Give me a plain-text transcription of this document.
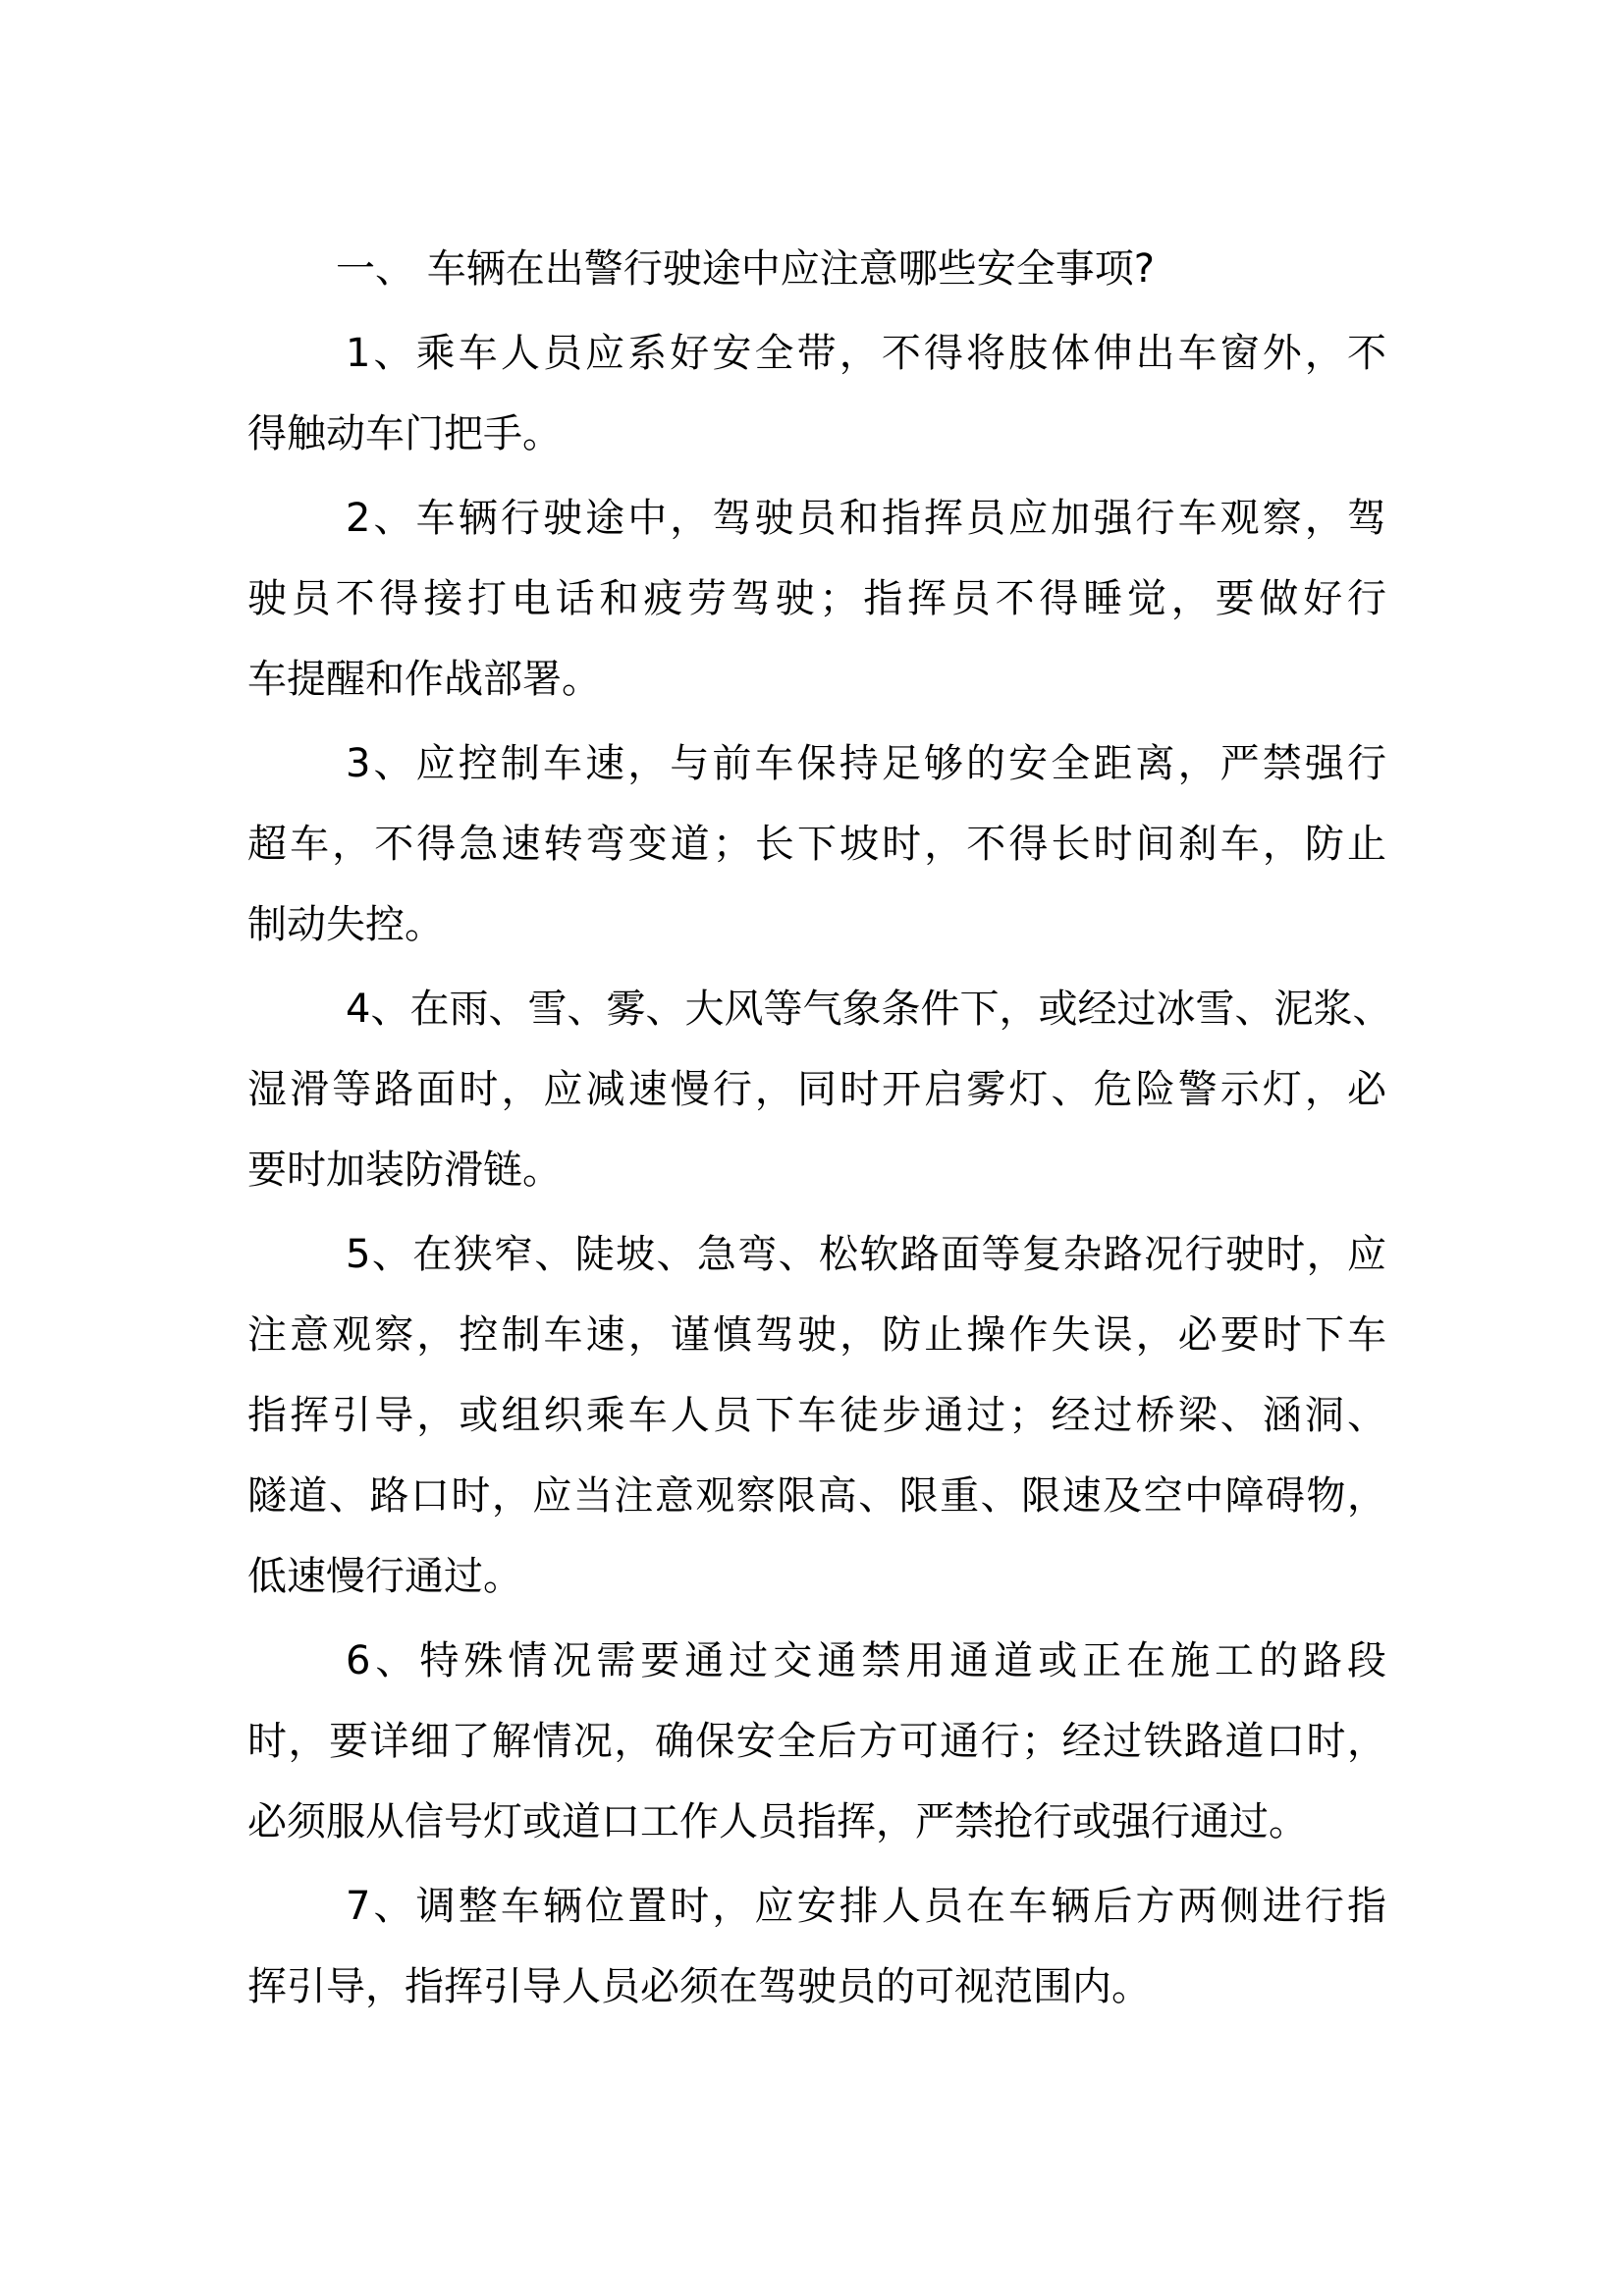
一、 车辆在出警行驶途中应注意哪些安全事项?
1、乘车人员应系好安全带，不得将肢体伸出车窗外，不
得触动车门把手。
2、车辆行驶途中，驾驶员和指挥员应加强行车观察，驾
驶员不得接打电话和疲劳驾驶；指挥员不得睡觉，要做好行
车提醒和作战部署。
3、应控制车速，与前车保持足够的安全距离，严禁强行
超车，不得急速转弯变道；长下坡时，不得长时间刹车，防止
制动失控。
4、在雨、雪、雾、大风等气象条件下，或经过冰雪、泥浆、
湿滑等路面时，应减速慢行，同时开启雾灯、危险警示灯，必
要时加装防滑链。
5、在狭窄、陡坡、急弯、松软路面等复杂路况行驶时，应
注意观察，控制车速，谨慎驾驶，防止操作失误，必要时下车
指挥引导，或组织乘车人员下车徒步通过；经过桥梁、涵洞、
隧道、路口时，应当注意观察限高、限重、限速及空中障碍物，
低速慢行通过。
6、特殊情况需要通过交通禁用通道或正在施工的路段
时，要详细了解情况，确保安全后方可通行；经过铁路道口时，
必须服从信号灯或道口工作人员指挥，严禁抢行或强行通过。
7、调整车辆位置时，应安排人员在车辆后方两侧进行指
挥引导，指挥引导人员必须在驾驶员的可视范围内。
